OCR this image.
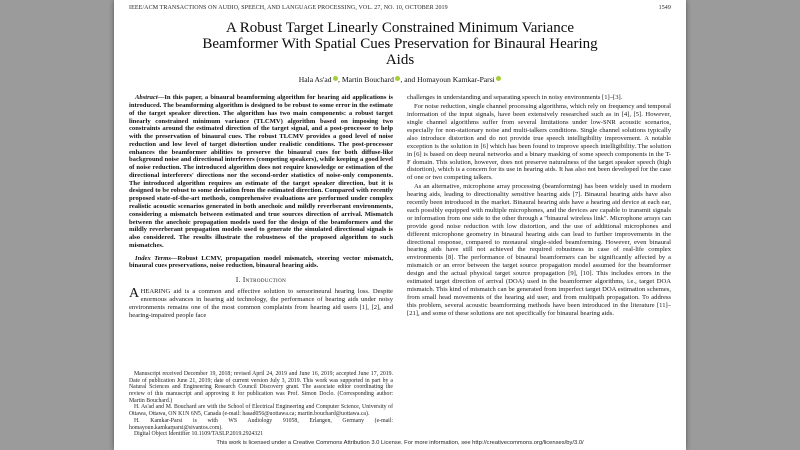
IEEE/ACM TRANSACTIONS ON AUDIO, SPEECH, AND LANGUAGE PROCESSING, VOL. 27, NO. 10, OCTOBER 2019	1549
A Robust Target Linearly Constrained Minimum Variance Beamformer With Spatial Cues Preservation for Binaural Hearing Aids
Hala As'ad , Martin Bouchard , and Homayoun Kamkar-Parsi

Abstract—In this paper, a binaural beamforming algorithm for hearing aid applications is introduced. The beamforming algorithm is designed to be robust to some error in the estimate of the target speaker direction. The algorithm has two main components: a robust target linearly constrained minimum variance (TLCMV) algorithm based on imposing two constraints around the estimated direction of the target signal, and a post-processor to help with the preservation of binaural cues. The robust TLCMV provides a good level of noise reduction and low level of target distortion under realistic conditions. The post-processor enhances the beamformer abilities to preserve the binaural cues for both diffuse-like background noise and directional interferers (competing speakers), while keeping a good level of noise reduction. The introduced algorithm does not require knowledge or estimation of the directional interferers' directions nor the second-order statistics of noise-only components. The introduced algorithm requires an estimate of the target speaker direction, but it is designed to be robust to some deviation from the estimated direction. Compared with recently proposed state-of-the-art methods, comprehensive evaluations are performed under complex realistic acoustic scenarios generated in both anechoic and mildly reverberant environments, considering a mismatch between estimated and true sources direction of arrival. Mismatch between the anechoic propagation models used for the design of the beamformers and the mildly reverberant propagation models used to generate the simulated directional signals is also considered. The results illustrate the robustness of the proposed algorithm to such mismatches.

Index Terms—Robust LCMV, propagation model mismatch, steering vector mismatch, binaural cues preservations, noise reduction, binaural hearing aids.

I. Introduction

AHEARING aid is a common and effective solution to sensorineural hearing loss. Despite enormous advances in hearing aid technology, the performance of hearing aids under noisy environments remains one of the most common complaints from hearing aid users [1], [2], and hearing-impaired people face

Manuscript received December 19, 2018; revised April 24, 2019 and June 16, 2019; accepted June 17, 2019. Date of publication June 21, 2019; date of current version July 3, 2019. This work was supported in part by a Natural Sciences and Engineering Research Council Discovery grant. The associate editor coordinating the review of this manuscript and approving it for publication was Prof. Simon Doclo. (Corresponding author: Martin Bouchard.)

H. As'ad and M. Bouchard are with the School of Electrical Engineering and Computer Science, University of Ottawa, Ottawa, ON K1N 6N5, Canada (e-mail: hasad056@uottawa.ca; martin.bouchard@uottawa.ca).

H. Kamkar-Parsi is with WS Audiology 91058, Erlangen, Germany (e-mail: homayoun.kamkarparsi@sivantos.com).

Digital Object Identifier 10.1109/TASLP.2019.2924321

challenges in understanding and separating speech in noisy environments [1]–[3].

For noise reduction, single channel processing algorithms, which rely on frequency and temporal information of the input signals, have been extensively researched such as in [4], [5]. However, single channel algorithms suffer from several limitations under low-SNR acoustic scenarios, especially for non-stationary noise and multi-talkers conditions. Single channel solutions typically also introduce distortion and do not provide true speech intelligibility improvement. A notable exception is the solution in [6] which has been found to improve speech intelligibility. The solution in [6] is based on deep neural networks and a binary masking of some speech components in the T-F domain. This solution, however, does not preserve naturalness of the target speaker speech (high distortion), which is a concern for its use in hearing aids. It has also not been developed for the case of one or two competing talkers.

As an alternative, microphone array processing (beamforming) has been widely used in modern hearing aids, leading to directionality sensitive hearing aids [7]. Binaural hearing aids have also recently been introduced in the market. Binaural hearing aids have a hearing aid device at each ear, each possibly equipped with multiple microphones, and the devices are capable to transmit signals or information from one side to the other through a "binaural wireless link". Microphone arrays can provide good noise reduction with low distortion, and the use of additional microphones and different microphone geometry in binaural hearing aids can lead to further improvements in the directional response, compared to monaural single-sided beamforming. However, even binaural hearing aids have still not achieved the required robustness in case of real-life complex environments [8]. The performance of binaural beamformers can be significantly affected by a mismatch or an error between the target source propagation model assumed for the beamformer design and the actual physical target source propagation [9], [10]. This includes errors in the estimated target direction of arrival (DOA) used in the beamformer algorithms, i.e., target DOA mismatch. This kind of mismatch can be generated from imperfect target DOA estimation schemes, from small head movements of the hearing aid user, and from multipath propagation. To address this problem, several acoustic beamforming methods have been introduced in the literature [11]–[21], and some of these solutions are not specifically for binaural hearing aids.

This work is licensed under a Creative Commons Attribution 3.0 License. For more information, see http://creativecommons.org/licenses/by/3.0/
